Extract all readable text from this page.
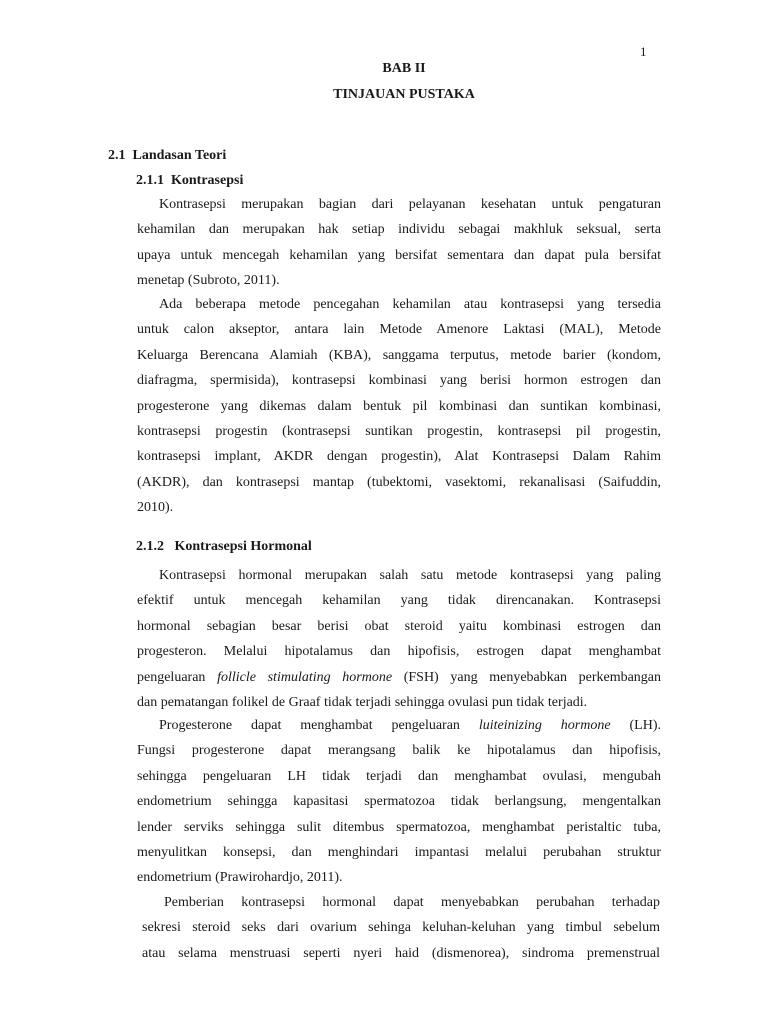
1
BAB II
TINJAUAN PUSTAKA
2.1 Landasan Teori
2.1.1 Kontrasepsi
Kontrasepsi merupakan bagian dari pelayanan kesehatan untuk pengaturan
kehamilan dan merupakan hak setiap individu sebagai makhluk seksual, serta
upaya untuk mencegah kehamilan yang bersifat sementara dan dapat pula bersifat
menetap (Subroto, 2011).
Ada beberapa metode pencegahan kehamilan atau kontrasepsi yang tersedia
untuk calon akseptor, antara lain Metode Amenore Laktasi (MAL), Metode
Keluarga Berencana Alamiah (KBA), sanggama terputus, metode barier (kondom,
diafragma, spermisida), kontrasepsi kombinasi yang berisi hormon estrogen dan
progesterone yang dikemas dalam bentuk pil kombinasi dan suntikan kombinasi,
kontrasepsi progestin (kontrasepsi suntikan progestin, kontrasepsi pil progestin,
kontrasepsi implant, AKDR dengan progestin), Alat Kontrasepsi Dalam Rahim
(AKDR), dan kontrasepsi mantap (tubektomi, vasektomi, rekanalisasi (Saifuddin,
2010).
2.1.2 Kontrasepsi Hormonal
Kontrasepsi hormonal merupakan salah satu metode kontrasepsi yang paling
efektif untuk mencegah kehamilan yang tidak direncanakan. Kontrasepsi
hormonal sebagian besar berisi obat steroid yaitu kombinasi estrogen dan
progesteron. Melalui hipotalamus dan hipofisis, estrogen dapat menghambat
pengeluaran follicle stimulating hormone (FSH) yang menyebabkan perkembangan
dan pematangan folikel de Graaf tidak terjadi sehingga ovulasi pun tidak terjadi.
Progesterone dapat menghambat pengeluaran luiteinizing hormone (LH).
Fungsi progesterone dapat merangsang balik ke hipotalamus dan hipofisis,
sehingga pengeluaran LH tidak terjadi dan menghambat ovulasi, mengubah
endometrium sehingga kapasitasi spermatozoa tidak berlangsung, mengentalkan
lender serviks sehingga sulit ditembus spermatozoa, menghambat peristaltic tuba,
menyulitkan konsepsi, dan menghindari impantasi melalui perubahan struktur
endometrium (Prawirohardjo, 2011).
Pemberian kontrasepsi hormonal dapat menyebabkan perubahan terhadap
sekresi steroid seks dari ovarium sehinga keluhan-keluhan yang timbul sebelum
atau selama menstruasi seperti nyeri haid (dismenorea), sindroma premenstrual
